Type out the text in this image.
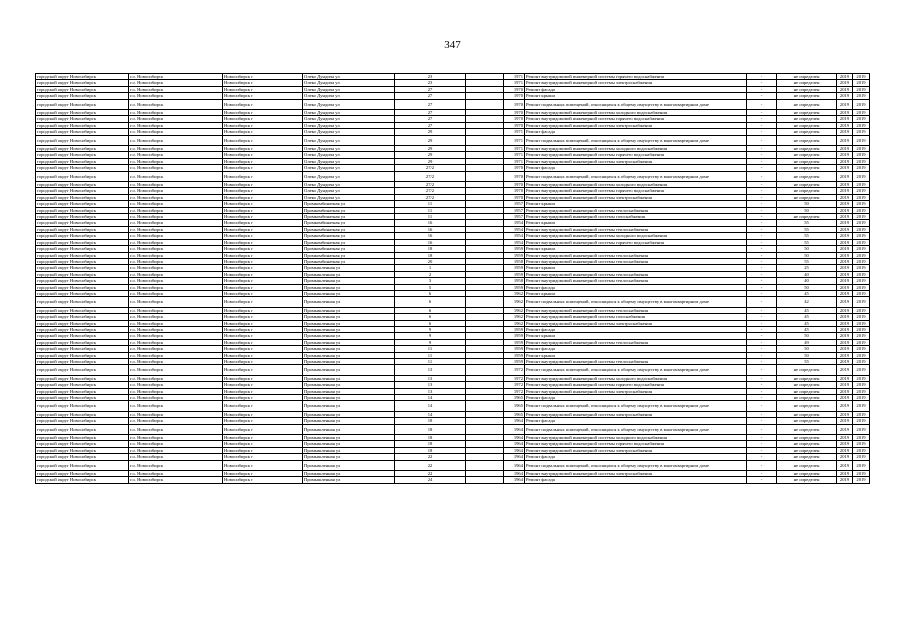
347
городской округ Новосибирск	г.о. Новосибирск	Новосибирск г	Олеко Дундича ул	23		1971	Ремонт внутридомовой инженерной системы горячего водоснабжения	-	не определен	2019	2019
городской округ Новосибирск	г.о. Новосибирск	Новосибирск г	Олеко Дундича ул	23		1971	Ремонт внутридомовой инженерной системы электроснабжения	-	не определен	2019	2019
городской округ Новосибирск	г.о. Новосибирск	Новосибирск г	Олеко Дундича ул	27		1970	Ремонт фасада	-	не определен	2019	2019
городской округ Новосибирск	г.о. Новосибирск	Новосибирск г	Олеко Дундича ул	27		1970	Ремонт крыши	-	не определен	2019	2019
городской округ Новосибирск	г.о. Новосибирск	Новосибирск г	Олеко Дундича ул	27		1970	Ремонт подвальных помещений, относящихся к общему имуществу в многоквартирном доме	-	не определен	2019	2019
городской округ Новосибирск	г.о. Новосибирск	Новосибирск г	Олеко Дундича ул	27		1970	Ремонт внутридомовой инженерной системы холодного водоснабжения	-	не определен	2019	2019
городской округ Новосибирск	г.о. Новосибирск	Новосибирск г	Олеко Дундича ул	27		1970	Ремонт внутридомовой инженерной системы горячего водоснабжения	-	не определен	2019	2019
городской округ Новосибирск	г.о. Новосибирск	Новосибирск г	Олеко Дундича ул	27		1970	Ремонт внутридомовой инженерной системы электроснабжения	-	не определен	2019	2019
городской округ Новосибирск	г.о. Новосибирск	Новосибирск г	Олеко Дундича ул	29		1971	Ремонт фасада	-	не определен	2019	2019
городской округ Новосибирск	г.о. Новосибирск	Новосибирск г	Олеко Дундича ул	29		1971	Ремонт подвальных помещений, относящихся к общему имуществу в многоквартирном доме	-	не определен	2019	2019
городской округ Новосибирск	г.о. Новосибирск	Новосибирск г	Олеко Дундича ул	29		1971	Ремонт внутридомовой инженерной системы холодного водоснабжения	-	не определен	2019	2019
городской округ Новосибирск	г.о. Новосибирск	Новосибирск г	Олеко Дундича ул	29		1971	Ремонт внутридомовой инженерной системы горячего водоснабжения	-	не определен	2019	2019
городской округ Новосибирск	г.о. Новосибирск	Новосибирск г	Олеко Дундича ул	29		1971	Ремонт внутридомовой инженерной системы электроснабжения	-	не определен	2019	2019
городской округ Новосибирск	г.о. Новосибирск	Новосибирск г	Олеко Дундича ул	27/2		1970	Ремонт фасада	-	не определен	2019	2019
городской округ Новосибирск	г.о. Новосибирск	Новосибирск г	Олеко Дундича ул	27/2		1970	Ремонт подвальных помещений, относящихся к общему имуществу в многоквартирном доме	-	не определен	2019	2019
городской округ Новосибирск	г.о. Новосибирск	Новосибирск г	Олеко Дундича ул	27/2		1970	Ремонт внутридомовой инженерной системы холодного водоснабжения	-	не определен	2019	2019
городской округ Новосибирск	г.о. Новосибирск	Новосибирск г	Олеко Дундича ул	27/2		1970	Ремонт внутридомовой инженерной системы горячего водоснабжения	-	не определен	2019	2019
городской округ Новосибирск	г.о. Новосибирск	Новосибирск г	Олеко Дундича ул	27/2		1970	Ремонт внутридомовой инженерной системы электроснабжения	-	не определен	2019	2019
городской округ Новосибирск	г.о. Новосибирск	Новосибирск г	Промкомбинатная ул	11		1957	Ремонт крыши	-	50	2019	2019
городской округ Новосибирск	г.о. Новосибирск	Новосибирск г	Промкомбинатная ул	11		1957	Ремонт внутридомовой инженерной системы теплоснабжения	-	50	2019	2019
городской округ Новосибирск	г.о. Новосибирск	Новосибирск г	Промкомбинатная ул	11		1957	Ремонт внутридомовой инженерной системы газоснабжения	-	не определен	2019	2019
городской округ Новосибирск	г.о. Новосибирск	Новосибирск г	Промкомбинатная ул	16		1954	Ремонт крыши	-	55	2019	2019
городской округ Новосибирск	г.о. Новосибирск	Новосибирск г	Промкомбинатная ул	16		1954	Ремонт внутридомовой инженерной системы теплоснабжения	-	55	2019	2019
городской округ Новосибирск	г.о. Новосибирск	Новосибирск г	Промкомбинатная ул	16		1954	Ремонт внутридомовой инженерной системы холодного водоснабжения	-	55	2019	2019
городской округ Новосибирск	г.о. Новосибирск	Новосибирск г	Промкомбинатная ул	16		1954	Ремонт внутридомовой инженерной системы горячего водоснабжения	-	55	2019	2019
городской округ Новосибирск	г.о. Новосибирск	Новосибирск г	Промкомбинатная ул	18		1959	Ремонт крыши	-	50	2019	2019
городской округ Новосибирск	г.о. Новосибирск	Новосибирск г	Промкомбинатная ул	18		1959	Ремонт внутридомовой инженерной системы теплоснабжения	-	50	2019	2019
городской округ Новосибирск	г.о. Новосибирск	Новосибирск г	Промкомбинатная ул	20		1958	Ремонт внутридомовой инженерной системы теплоснабжения	-	55	2019	2019
городской округ Новосибирск	г.о. Новосибирск	Новосибирск г	Промышленная ул	1		1959	Ремонт крыши	-	25	2019	2019
городской округ Новосибирск	г.о. Новосибирск	Новосибирск г	Промышленная ул	2		1959	Ремонт внутридомовой инженерной системы теплоснабжения	-	40	2019	2019
городской округ Новосибирск	г.о. Новосибирск	Новосибирск г	Промышленная ул	3		1958	Ремонт внутридомовой инженерной системы теплоснабжения	-	40	2019	2019
городской округ Новосибирск	г.о. Новосибирск	Новосибирск г	Промышленная ул	5		1959	Ремонт фасада	-	50	2019	2019
городской округ Новосибирск	г.о. Новосибирск	Новосибирск г	Промышленная ул	6		1962	Ремонт крыши	-	45	2019	2019
городской округ Новосибирск	г.о. Новосибирск	Новосибирск г	Промышленная ул	6		1962	Ремонт подвальных помещений, относящихся к общему имуществу в многоквартирном доме	-	42	2019	2019
городской округ Новосибирск	г.о. Новосибирск	Новосибирск г	Промышленная ул	6		1962	Ремонт внутридомовой инженерной системы теплоснабжения	-	45	2019	2019
городской округ Новосибирск	г.о. Новосибирск	Новосибирск г	Промышленная ул	6		1962	Ремонт внутридомовой инженерной системы газоснабжения	-	45	2019	2019
городской округ Новосибирск	г.о. Новосибирск	Новосибирск г	Промышленная ул	6		1962	Ремонт внутридомовой инженерной системы электроснабжения	-	45	2019	2019
городской округ Новосибирск	г.о. Новосибирск	Новосибирск г	Промышленная ул	9		1959	Ремонт фасада	-	45	2019	2019
городской округ Новосибирск	г.о. Новосибирск	Новосибирск г	Промышленная ул	9		1959	Ремонт крыши	-	50	2019	2019
городской округ Новосибирск	г.о. Новосибирск	Новосибирск г	Промышленная ул	9		1959	Ремонт внутридомовой инженерной системы теплоснабжения	-	49	2019	2019
городской округ Новосибирск	г.о. Новосибирск	Новосибирск г	Промышленная ул	11		1959	Ремонт фасада	-	50	2019	2019
городской округ Новосибирск	г.о. Новосибирск	Новосибирск г	Промышленная ул	11		1959	Ремонт крыши	-	50	2019	2019
городской округ Новосибирск	г.о. Новосибирск	Новосибирск г	Промышленная ул	11		1959	Ремонт внутридомовой инженерной системы теплоснабжения	-	55	2019	2019
городской округ Новосибирск	г.о. Новосибирск	Новосибирск г	Промышленная ул	13		1972	Ремонт подвальных помещений, относящихся к общему имуществу в многоквартирном доме	-	не определен	2019	2019
городской округ Новосибирск	г.о. Новосибирск	Новосибирск г	Промышленная ул	13		1972	Ремонт внутридомовой инженерной системы холодного водоснабжения	-	не определен	2019	2019
городской округ Новосибирск	г.о. Новосибирск	Новосибирск г	Промышленная ул	13		1972	Ремонт внутридомовой инженерной системы горячего водоснабжения	-	не определен	2019	2019
городской округ Новосибирск	г.о. Новосибирск	Новосибирск г	Промышленная ул	13		1972	Ремонт внутридомовой инженерной системы электроснабжения	-	не определен	2019	2019
городской округ Новосибирск	г.о. Новосибирск	Новосибирск г	Промышленная ул	14		1965	Ремонт фасада	-	не определен	2019	2019
городской округ Новосибирск	г.о. Новосибирск	Новосибирск г	Промышленная ул	14		1965	Ремонт подвальных помещений, относящихся к общему имуществу в многоквартирном доме	-	не определен	2019	2019
городской округ Новосибирск	г.о. Новосибирск	Новосибирск г	Промышленная ул	14		1965	Ремонт внутридомовой инженерной системы электроснабжения	-	не определен	2019	2019
городской округ Новосибирск	г.о. Новосибирск	Новосибирск г	Промышленная ул	18		1964	Ремонт фасада	-	не определен	2019	2019
городской округ Новосибирск	г.о. Новосибирск	Новосибирск г	Промышленная ул	18		1964	Ремонт подвальных помещений, относящихся к общему имуществу в многоквартирном доме	-	не определен	2019	2019
городской округ Новосибирск	г.о. Новосибирск	Новосибирск г	Промышленная ул	18		1964	Ремонт внутридомовой инженерной системы холодного водоснабжения	-	не определен	2019	2019
городской округ Новосибирск	г.о. Новосибирск	Новосибирск г	Промышленная ул	18		1964	Ремонт внутридомовой инженерной системы горячего водоснабжения	-	не определен	2019	2019
городской округ Новосибирск	г.о. Новосибирск	Новосибирск г	Промышленная ул	18		1964	Ремонт внутридомовой инженерной системы электроснабжения	-	не определен	2019	2019
городской округ Новосибирск	г.о. Новосибирск	Новосибирск г	Промышленная ул	22		1964	Ремонт фасада	-	не определен	2019	2019
городской округ Новосибирск	г.о. Новосибирск	Новосибирск г	Промышленная ул	22		1964	Ремонт подвальных помещений, относящихся к общему имуществу в многоквартирном доме	-	не определен	2019	2019
городской округ Новосибирск	г.о. Новосибирск	Новосибирск г	Промышленная ул	22		1964	Ремонт внутридомовой инженерной системы электроснабжения	-	не определен	2019	2019
городской округ Новосибирск	г.о. Новосибирск	Новосибирск г	Промышленная ул	24		1964	Ремонт фасада	-	не определен	2019	2019
